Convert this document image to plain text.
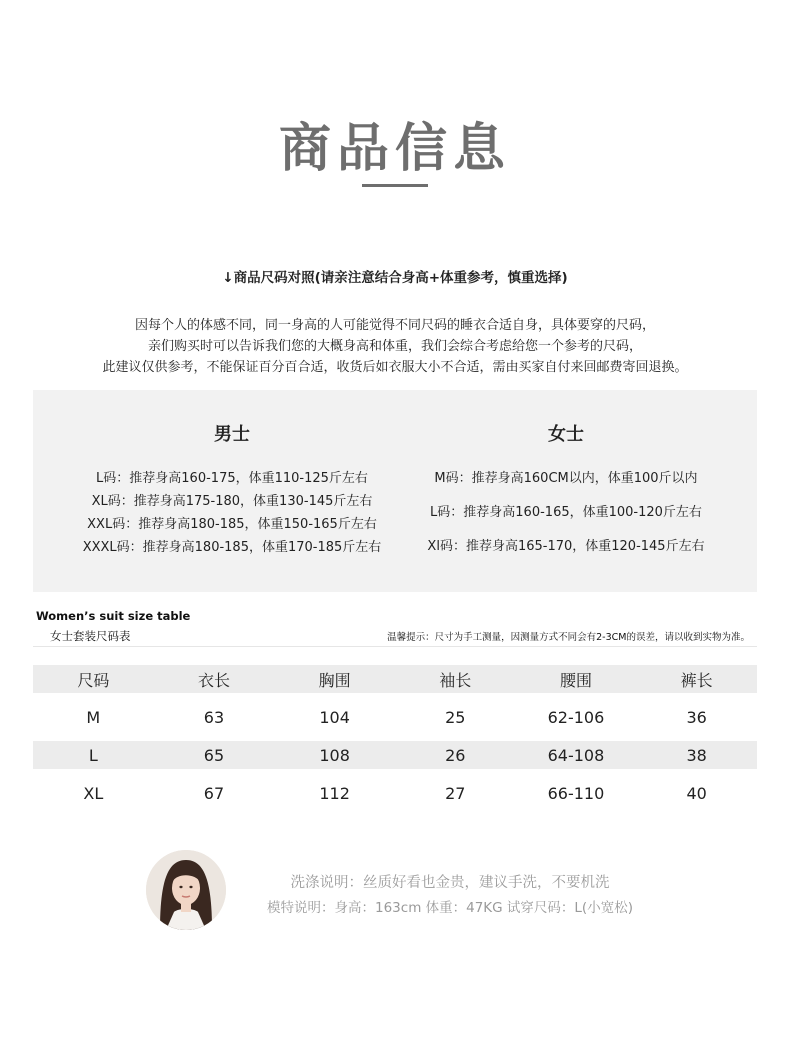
商品信息
↓商品尺码对照(请亲注意结合身高+体重参考，慎重选择)
因每个人的体感不同，同一身高的人可能觉得不同尺码的睡衣合适自身，具体要穿的尺码，
亲们购买时可以告诉我们您的大概身高和体重，我们会综合考虑给您一个参考的尺码，
此建议仅供参考，不能保证百分百合适，收货后如衣服大小不合适，需由买家自付来回邮费寄回退换。
男士
L码：推荐身高160-175，体重110-125斤左右
XL码：推荐身高175-180，体重130-145斤左右
XXL码：推荐身高180-185，体重150-165斤左右
XXXL码：推荐身高180-185，体重170-185斤左右
女士
M码：推荐身高160CM以内，体重100斤以内
L码：推荐身高160-165，体重100-120斤左右
Xl码：推荐身高165-170，体重120-145斤左右
Women’s suit size table
女士套装尺码表	温馨提示：尺寸为手工测量，因测量方式不同会有2-3CM的误差，请以收到实物为准。
尺码	衣长	胸围	袖长	腰围	裤长
M	63	104	25	62-106	36
L	65	108	26	64-108	38
XL	67	112	27	66-110	40
洗涤说明：丝质好看也金贵，建议手洗，不要机洗
模特说明：身高：163cm 体重：47KG 试穿尺码：L(小宽松)
